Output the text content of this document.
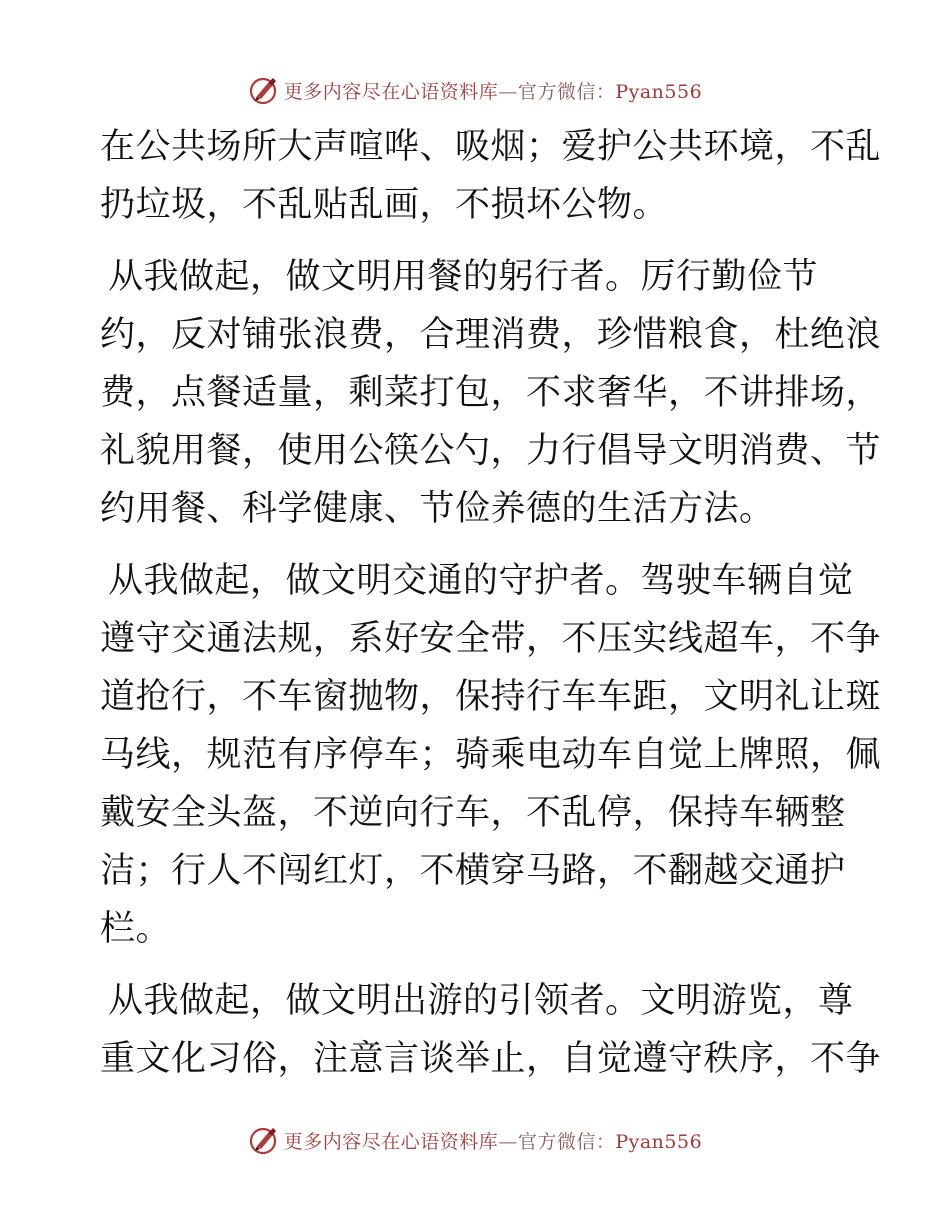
更多内容尽在心语资料库—官方微信：Pyan556
在公共场所大声喧哗、吸烟；爱护公共环境，不乱
扔垃圾，不乱贴乱画，不损坏公物。
从我做起，做文明用餐的躬行者。厉行勤俭节
约，反对铺张浪费，合理消费，珍惜粮食，杜绝浪
费，点餐适量，剩菜打包，不求奢华，不讲排场，
礼貌用餐，使用公筷公勺，力行倡导文明消费、节
约用餐、科学健康、节俭养德的生活方法。
从我做起，做文明交通的守护者。驾驶车辆自觉
遵守交通法规，系好安全带，不压实线超车，不争
道抢行，不车窗抛物，保持行车车距，文明礼让斑
马线，规范有序停车；骑乘电动车自觉上牌照，佩
戴安全头盔，不逆向行车，不乱停，保持车辆整
洁；行人不闯红灯，不横穿马路，不翻越交通护
栏。
从我做起，做文明出游的引领者。文明游览，尊
重文化习俗，注意言谈举止，自觉遵守秩序，不争
更多内容尽在心语资料库—官方微信：Pyan556
